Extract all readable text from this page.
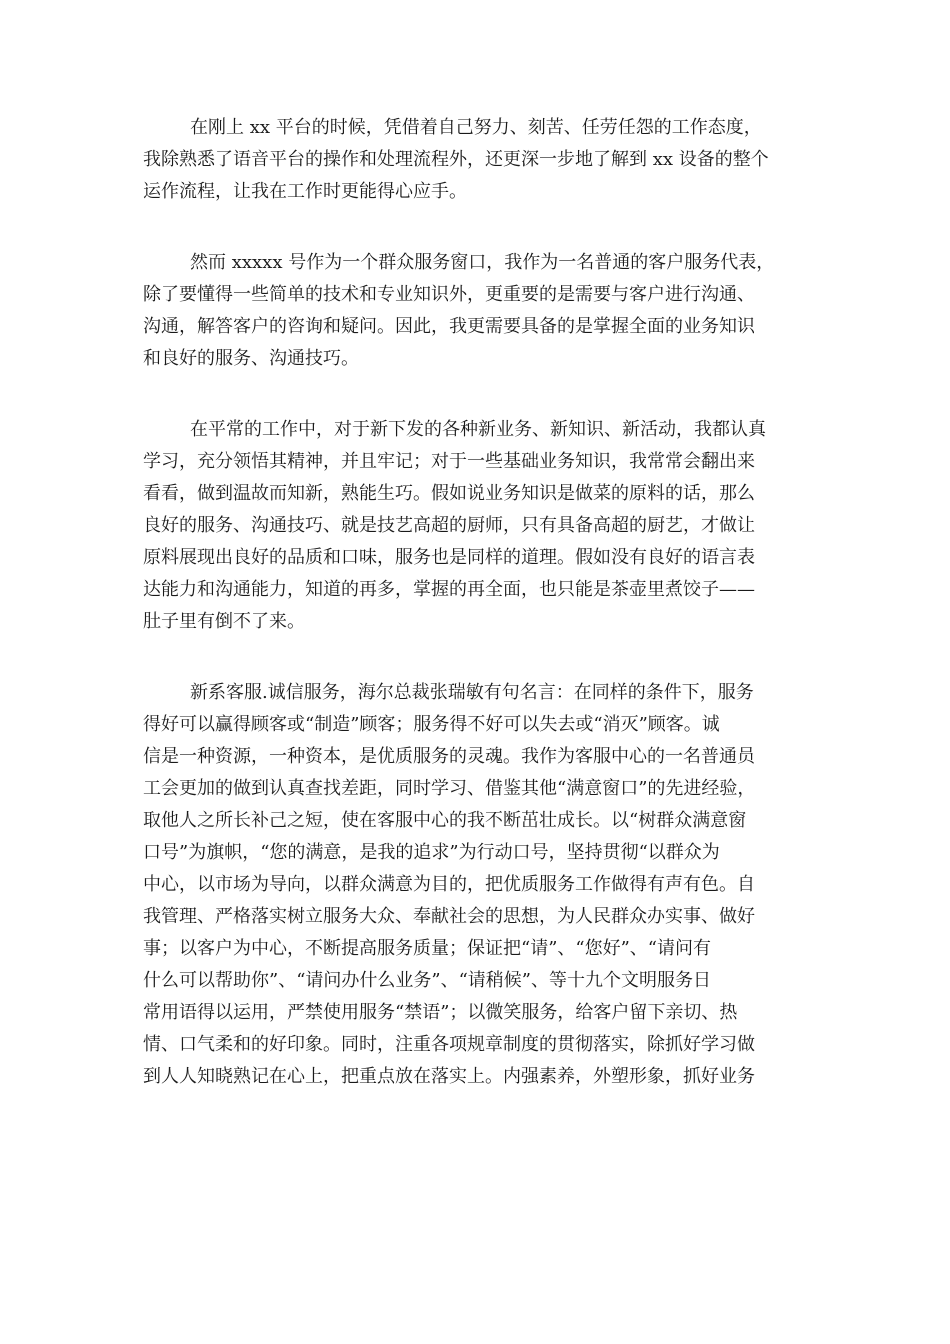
在刚上 xx 平台的时候，凭借着自己努力、刻苦、任劳任怨的工作态度，
我除熟悉了语音平台的操作和处理流程外，还更深一步地了解到 xx 设备的整个
运作流程，让我在工作时更能得心应手。
然而 xxxxx 号作为一个群众服务窗口，我作为一名普通的客户服务代表，
除了要懂得一些简单的技术和专业知识外，更重要的是需要与客户进行沟通、
沟通，解答客户的咨询和疑问。因此，我更需要具备的是掌握全面的业务知识
和良好的服务、沟通技巧。
在平常的工作中，对于新下发的各种新业务、新知识、新活动，我都认真
学习，充分领悟其精神，并且牢记；对于一些基础业务知识，我常常会翻出来
看看，做到温故而知新，熟能生巧。假如说业务知识是做菜的原料的话，那么
良好的服务、沟通技巧、就是技艺高超的厨师，只有具备高超的厨艺，才做让
原料展现出良好的品质和口味，服务也是同样的道理。假如没有良好的语言表
达能力和沟通能力，知道的再多，掌握的再全面，也只能是茶壶里煮饺子——
肚子里有倒不了来。
新系客服.诚信服务，海尔总裁张瑞敏有句名言：在同样的条件下，服务
得好可以赢得顾客或“制造”顾客；服务得不好可以失去或“消灭”顾客。诚
信是一种资源，一种资本，是优质服务的灵魂。我作为客服中心的一名普通员
工会更加的做到认真查找差距，同时学习、借鉴其他“满意窗口”的先进经验，
取他人之所长补己之短，使在客服中心的我不断茁壮成长。以“树群众满意窗
口号”为旗帜，“您的满意，是我的追求”为行动口号，坚持贯彻“以群众为
中心，以市场为导向，以群众满意为目的，把优质服务工作做得有声有色。自
我管理、严格落实树立服务大众、奉献社会的思想，为人民群众办实事、做好
事；以客户为中心，不断提高服务质量；保证把“请”、“您好”、“请问有
什么可以帮助你”、“请问办什么业务”、“请稍候”、等十九个文明服务日
常用语得以运用，严禁使用服务“禁语”；以微笑服务，给客户留下亲切、热
情、口气柔和的好印象。同时，注重各项规章制度的贯彻落实，除抓好学习做
到人人知晓熟记在心上，把重点放在落实上。内强素养，外塑形象，抓好业务
